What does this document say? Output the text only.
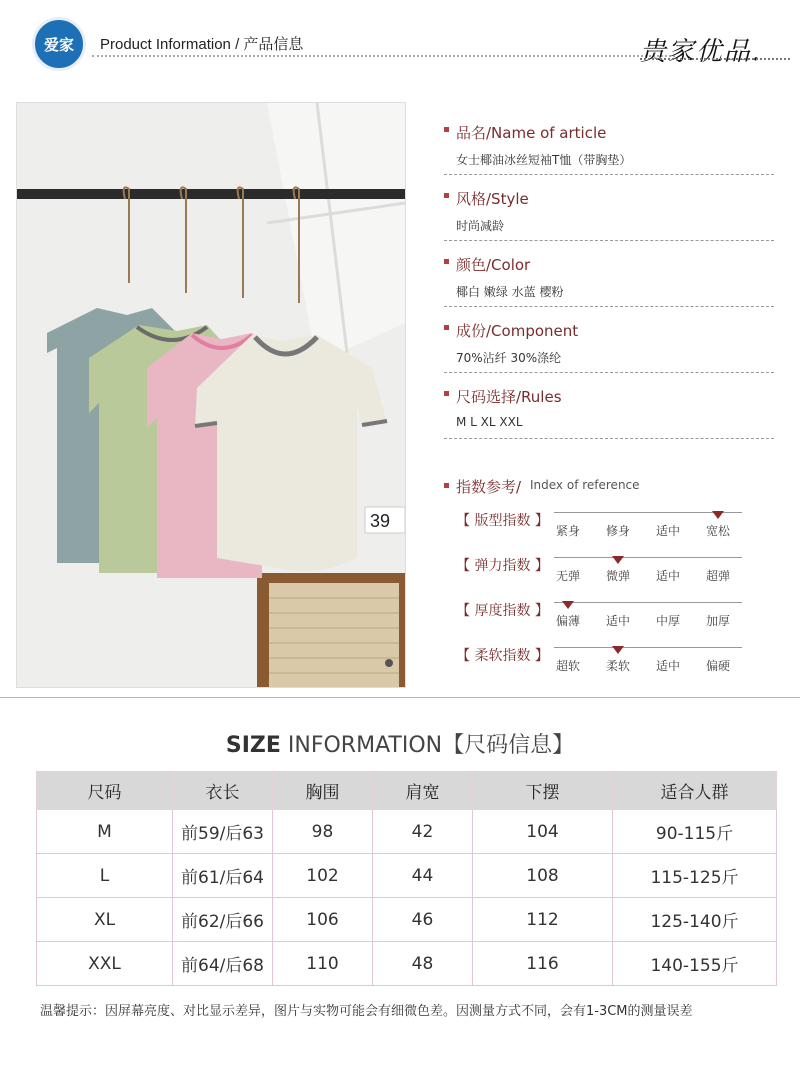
爱家	Product Information / 产品信息	贵家优品.
39
品名/Name of article
女士椰油冰丝短袖T恤（带胸垫）
风格/Style
时尚减龄
颜色/Color
椰白 嫩绿 水蓝 樱粉
成份/Component
70%沾纤 30%涤纶
尺码选择/Rules
M L XL XXL
指数参考/ Index of reference
【 版型指数 】
紧身	修身	适中	宽松
【 弹力指数 】
无弹	微弹	适中	超弹
【 厚度指数 】
偏薄	适中	中厚	加厚
【 柔软指数 】
超软	柔软	适中	偏硬
SIZE INFORMATION【尺码信息】
尺码	衣长	胸围	肩宽	下摆	适合人群
M	前59/后63	98	42	104	90-115斤
L	前61/后64	102	44	108	115-125斤
XL	前62/后66	106	46	112	125-140斤
XXL	前64/后68	110	48	116	140-155斤
温馨提示：因屏幕亮度、对比显示差异，图片与实物可能会有细微色差。因测量方式不同，会有1-3CM的测量误差
